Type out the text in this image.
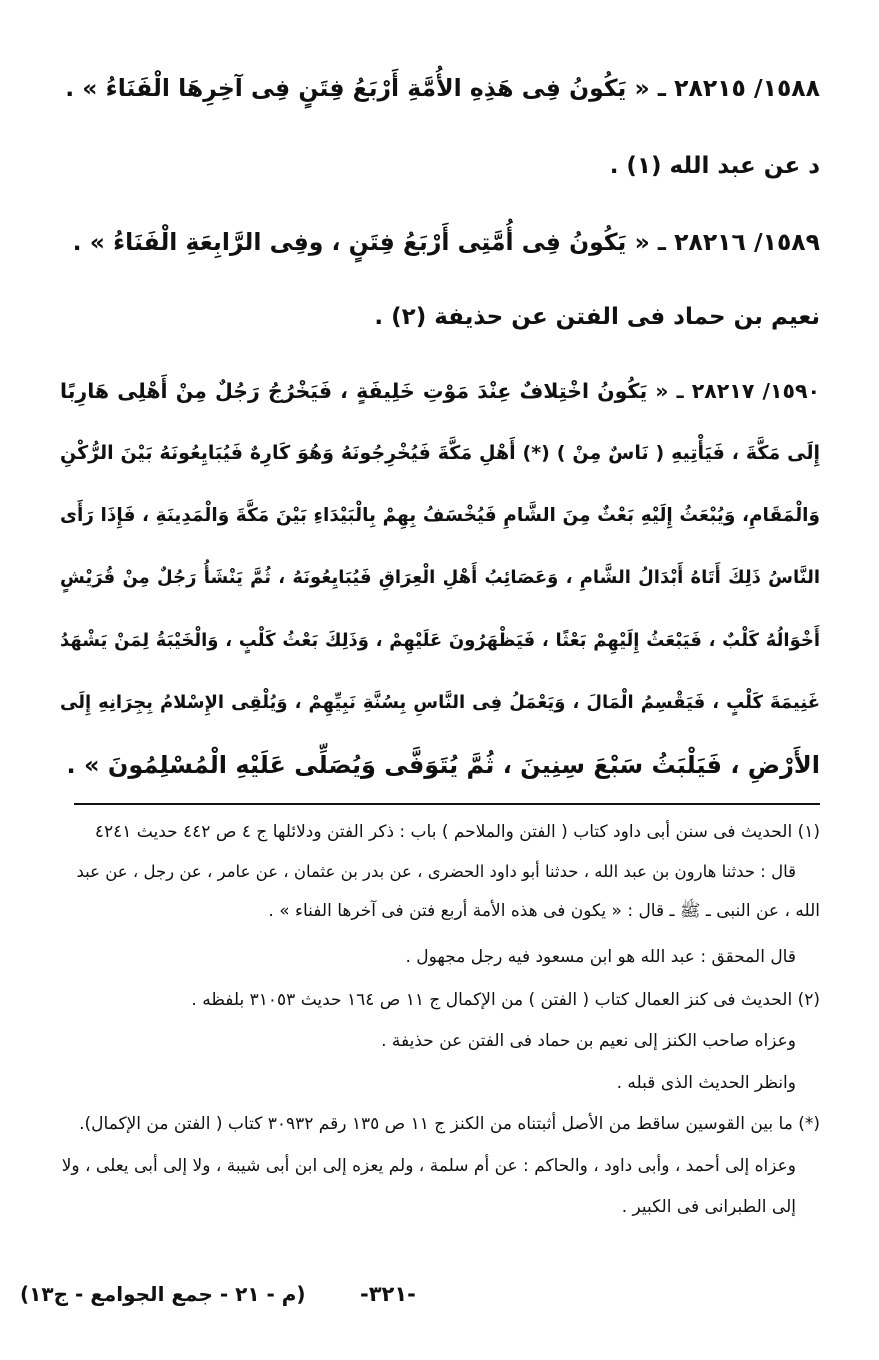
١٥٨٨/ ٢٨٢١٥ ـ « يَكُونُ فِى هَذِهِ الأُمَّةِ أَرْبَعُ فِتَنٍ فِى آخِرِهَا الْفَنَاءُ » .
د عن عبد الله (١) .
١٥٨٩/ ٢٨٢١٦ ـ « يَكُونُ فِى أُمَّتِى أَرْبَعُ فِتَنٍ ، وفِى الرَّابِعَةِ الْفَنَاءُ » .
نعيم بن حماد فى الفتن عن حذيفة (٢) .
١٥٩٠/ ٢٨٢١٧ ـ « يَكُونُ اخْتِلافٌ عِنْدَ مَوْتِ خَلِيفَةٍ ، فَيَخْرُجُ رَجُلٌ مِنْ أَهْلِى هَارِبًا
إِلَى مَكَّةَ ، فَيَأْتِيهِ ( نَاسٌ مِنْ ) (*) أَهْلِ مَكَّةَ فَيُخْرِجُونَهُ وَهُوَ كَارِهٌ فَيُبَايِعُونَهُ بَيْنَ الرُّكْنِ
وَالْمَقَامِ، وَيُبْعَثُ إِلَيْهِ بَعْثٌ مِنَ الشَّامِ فَيُخْسَفُ بِهِمْ بِالْبَيْدَاءِ بَيْنَ مَكَّةَ وَالْمَدِينَةِ ، فَإِذَا رَأَى
النَّاسُ ذَلِكَ أَتَاهُ أَبْدَالُ الشَّامِ ، وَعَصَائِبُ أَهْلِ الْعِرَاقِ فَيُبَايِعُونَهُ ، ثُمَّ يَنْشَأُ رَجُلٌ مِنْ قُرَيْشٍ
أَخْوَالُهُ كَلْبٌ ، فَيَبْعَثُ إِلَيْهِمْ بَعْثًا ، فَيَظْهَرُونَ عَلَيْهِمْ ، وَذَلِكَ بَعْثُ كَلْبٍ ، وَالْخَيْبَةُ لِمَنْ يَشْهَدُ
غَنِيمَةَ كَلْبٍ ، فَيَقْسِمُ الْمَالَ ، وَيَعْمَلُ فِى النَّاسِ بِسُنَّةِ نَبِيِّهِمْ ، وَيُلْقِى الإِسْلامُ بِجِرَانِهِ إِلَى
الأَرْضِ ، فَيَلْبَثُ سَبْعَ سِنِينَ ، ثُمَّ يُتَوَفَّى وَيُصَلِّى عَلَيْهِ الْمُسْلِمُونَ » .
(١) الحديث فى سنن أبى داود كتاب ( الفتن والملاحم ) باب : ذكر الفتن ودلائلها ج ٤ ص ٤٤٢ حديث ٤٢٤١
قال : حدثنا هارون بن عبد الله ، حدثنا أبو داود الحضرى ، عن بدر بن عثمان ، عن عامر ، عن رجل ، عن عبد
الله ، عن النبى ـ ﷺ ـ قال : « يكون فى هذه الأمة أربع فتن فى آخرها الفناء » .
قال المحقق : عبد الله هو ابن مسعود فيه رجل مجهول .
(٢) الحديث فى كنز العمال كتاب ( الفتن ) من الإكمال ج ١١ ص ١٦٤ حديث ٣١٠٥٣ بلفظه .
وعزاه صاحب الكنز إلى نعيم بن حماد فى الفتن عن حذيفة .
وانظر الحديث الذى قبله .
(*) ما بين القوسين ساقط من الأصل أثبتناه من الكنز ج ١١ ص ١٣٥ رقم ٣٠٩٣٢ كتاب ( الفتن من الإكمال).
وعزاه إلى أحمد ، وأبى داود ، والحاكم : عن أم سلمة ، ولم يعزه إلى ابن أبى شيبة ، ولا إلى أبى يعلى ، ولا
إلى الطبرانى فى الكبير .
-٣٢١-
(م - ٢١ - جمع الجوامع - ج١٣)
